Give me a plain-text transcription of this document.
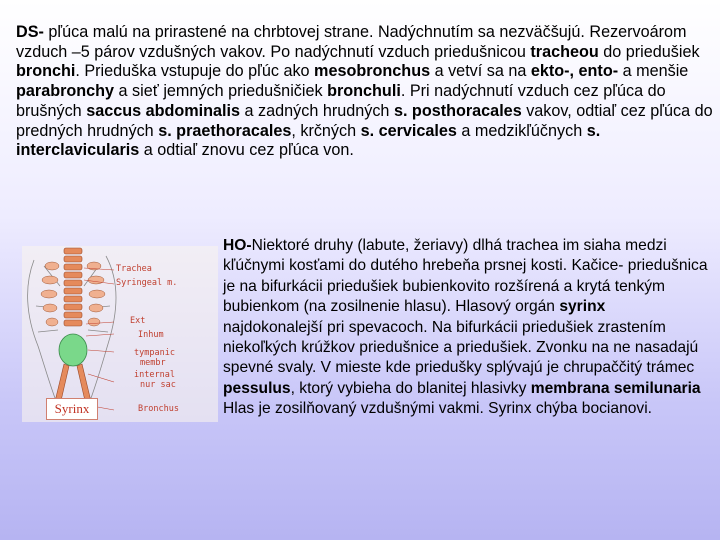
DS- pľúca malú na prirastené na chrbtovej strane. Nadýchnutím sa nezväčšujú. Rezervoárom vzduch –5 párov vzdušných vakov. Po nadýchnutí vzduch priedušnicou tracheou do priedušiek bronchi. Prieduška vstupuje do pľúc ako mesobronchus a vetví sa na ekto-, ento- a menšie parabronchy a sieť jemných priedušničiek bronchuli. Pri nadýchnutí vzduch cez pľúca do brušných saccus abdominalis a zadných hrudných s. posthoracales vakov, odtiaľ cez pľúca do predných hrudných s. praethoracales, krčných s. cervicales a medzikľúčnych s. interclavicularis a odtiaľ znovu cez pľúca von.

Trachea
Syringeal m.
Ext
Inhum
tympanic
membr
internal
nur sac
Bronchus
Syrinx

HO-Niektoré druhy (labute, žeriavy) dlhá trachea im siaha medzi kľúčnymi kosťami do dutého hrebeňa prsnej kosti. Kačice- priedušnica je na bifurkácii priedušiek bubienkovito rozšírená a krytá tenkým bubienkom (na zosilnenie hlasu). Hlasový orgán syrinx najdokonalejší pri spevacoch. Na bifurkácii priedušiek zrastením niekoľkých krúžkov priedušnice a priedušiek. Zvonku na ne nasadajú spevné svaly. V mieste kde priedušky splývajú je chrupaččitý trámec pessulus, ktorý vybieha do blanitej hlasivky membrana semilunaria Hlas je zosilňovaný vzdušnými vakmi. Syrinx chýba bocianovi.
